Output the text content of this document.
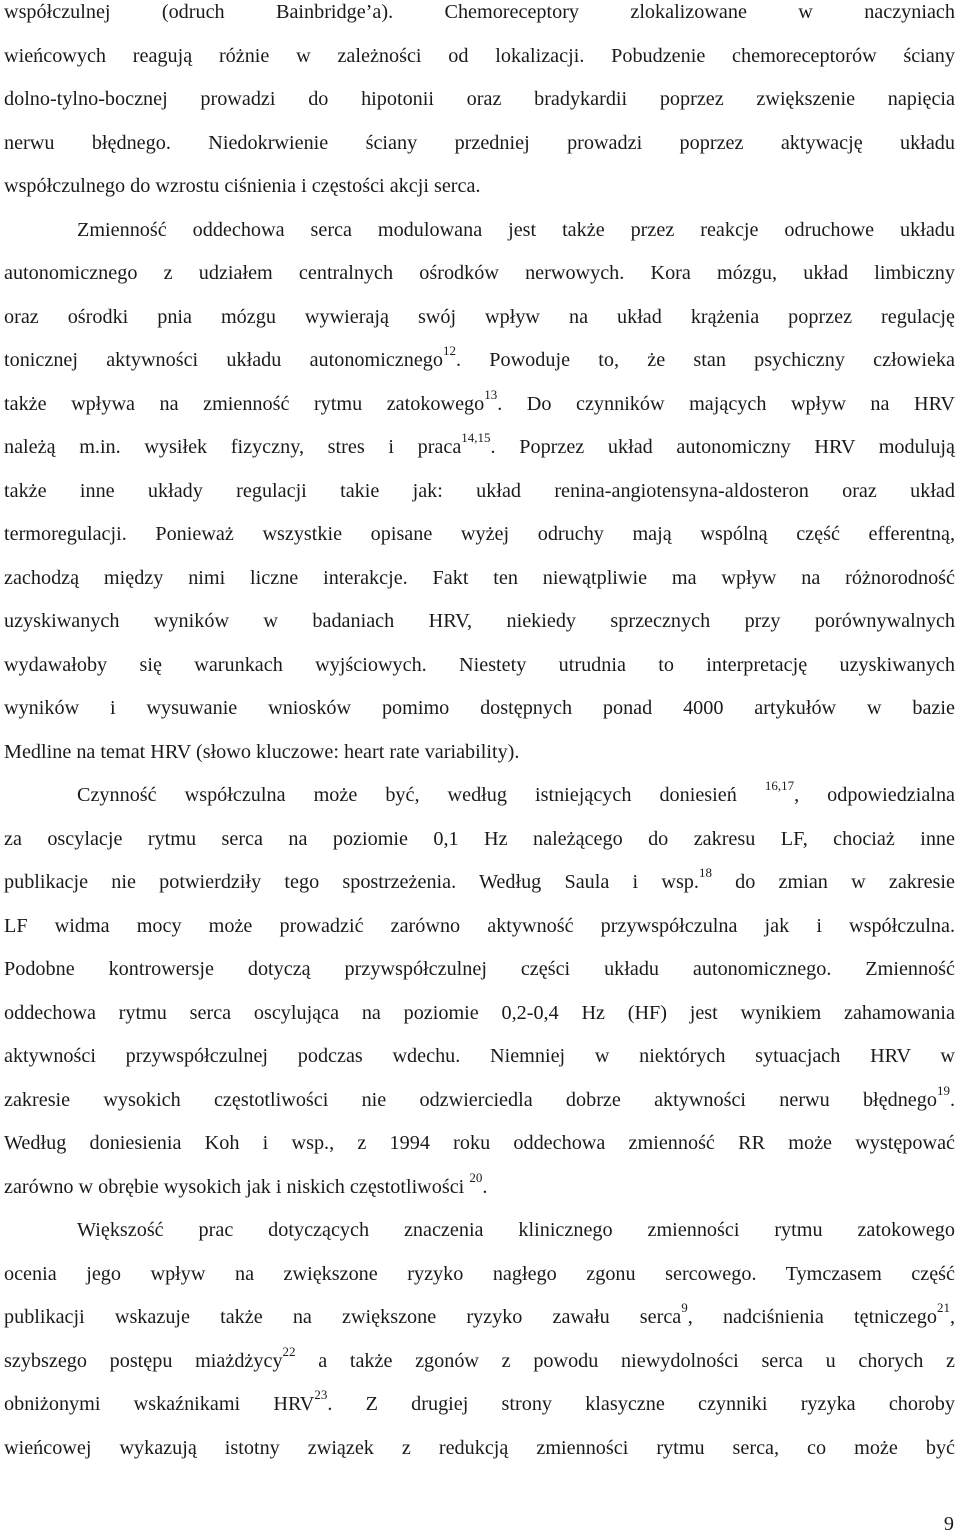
współczulnej (odruch Bainbridge’a). Chemoreceptory zlokalizowane w naczyniach
wieńcowych reagują różnie w zależności od lokalizacji. Pobudzenie chemoreceptorów ściany
dolno-tylno-bocznej prowadzi do hipotonii oraz bradykardii poprzez zwiększenie napięcia
nerwu błędnego. Niedokrwienie ściany przedniej prowadzi poprzez aktywację układu
współczulnego do wzrostu ciśnienia i częstości akcji serca.
Zmienność oddechowa serca modulowana jest także przez reakcje odruchowe układu
autonomicznego z udziałem centralnych ośrodków nerwowych. Kora mózgu, układ limbiczny
oraz ośrodki pnia mózgu wywierają swój wpływ na układ krążenia poprzez regulację
tonicznej aktywności układu autonomicznego$^{12}$. Powoduje to, że stan psychiczny człowieka
także wpływa na zmienność rytmu zatokowego$^{13}$. Do czynników mających wpływ na HRV
należą m.in. wysiłek fizyczny, stres i praca$^{14,15}$. Poprzez układ autonomiczny HRV modulują
także inne układy regulacji takie jak: układ renina-angiotensyna-aldosteron oraz układ
termoregulacji. Ponieważ wszystkie opisane wyżej odruchy mają wspólną część efferentną,
zachodzą między nimi liczne interakcje. Fakt ten niewątpliwie ma wpływ na różnorodność
uzyskiwanych wyników w badaniach HRV, niekiedy sprzecznych przy porównywalnych
wydawałoby się warunkach wyjściowych. Niestety utrudnia to interpretację uzyskiwanych
wyników i wysuwanie wniosków pomimo dostępnych ponad 4000 artykułów w bazie
Medline na temat HRV (słowo kluczowe: heart rate variability).
Czynność współczulna może być, według istniejących doniesień $^{16,17}$, odpowiedzialna
za oscylacje rytmu serca na poziomie 0,1 Hz należącego do zakresu LF, chociaż inne
publikacje nie potwierdziły tego spostrzeżenia. Według Saula i wsp.$^{18}$ do zmian w zakresie
LF widma mocy może prowadzić zarówno aktywność przywspółczulna jak i współczulna.
Podobne kontrowersje dotyczą przywspółczulnej części układu autonomicznego. Zmienność
oddechowa rytmu serca oscylująca na poziomie 0,2-0,4 Hz (HF) jest wynikiem zahamowania
aktywności przywspółczulnej podczas wdechu. Niemniej w niektórych sytuacjach HRV w
zakresie wysokich częstotliwości nie odzwierciedla dobrze aktywności nerwu błędnego$^{19}$.
Według doniesienia Koh i wsp., z 1994 roku oddechowa zmienność RR może występować
zarówno w obrębie wysokich jak i niskich częstotliwości $^{20}$.
Większość prac dotyczących znaczenia klinicznego zmienności rytmu zatokowego
oceniа jego wpływ na zwiększone ryzyko nagłego zgonu sercowego. Tymczasem część
publikacji wskazuje także na zwiększone ryzyko zawału serca$^9$, nadciśnienia tętniczego$^{21}$,
szybszego postępu miażdżycy$^{22}$ a także zgonów z powodu niewydolności serca u chorych z
obniżonymi wskaźnikami HRV$^{23}$. Z drugiej strony klasyczne czynniki ryzyka choroby
wieńcowej wykazują istotny związek z redukcją zmienności rytmu serca, co może być
9
